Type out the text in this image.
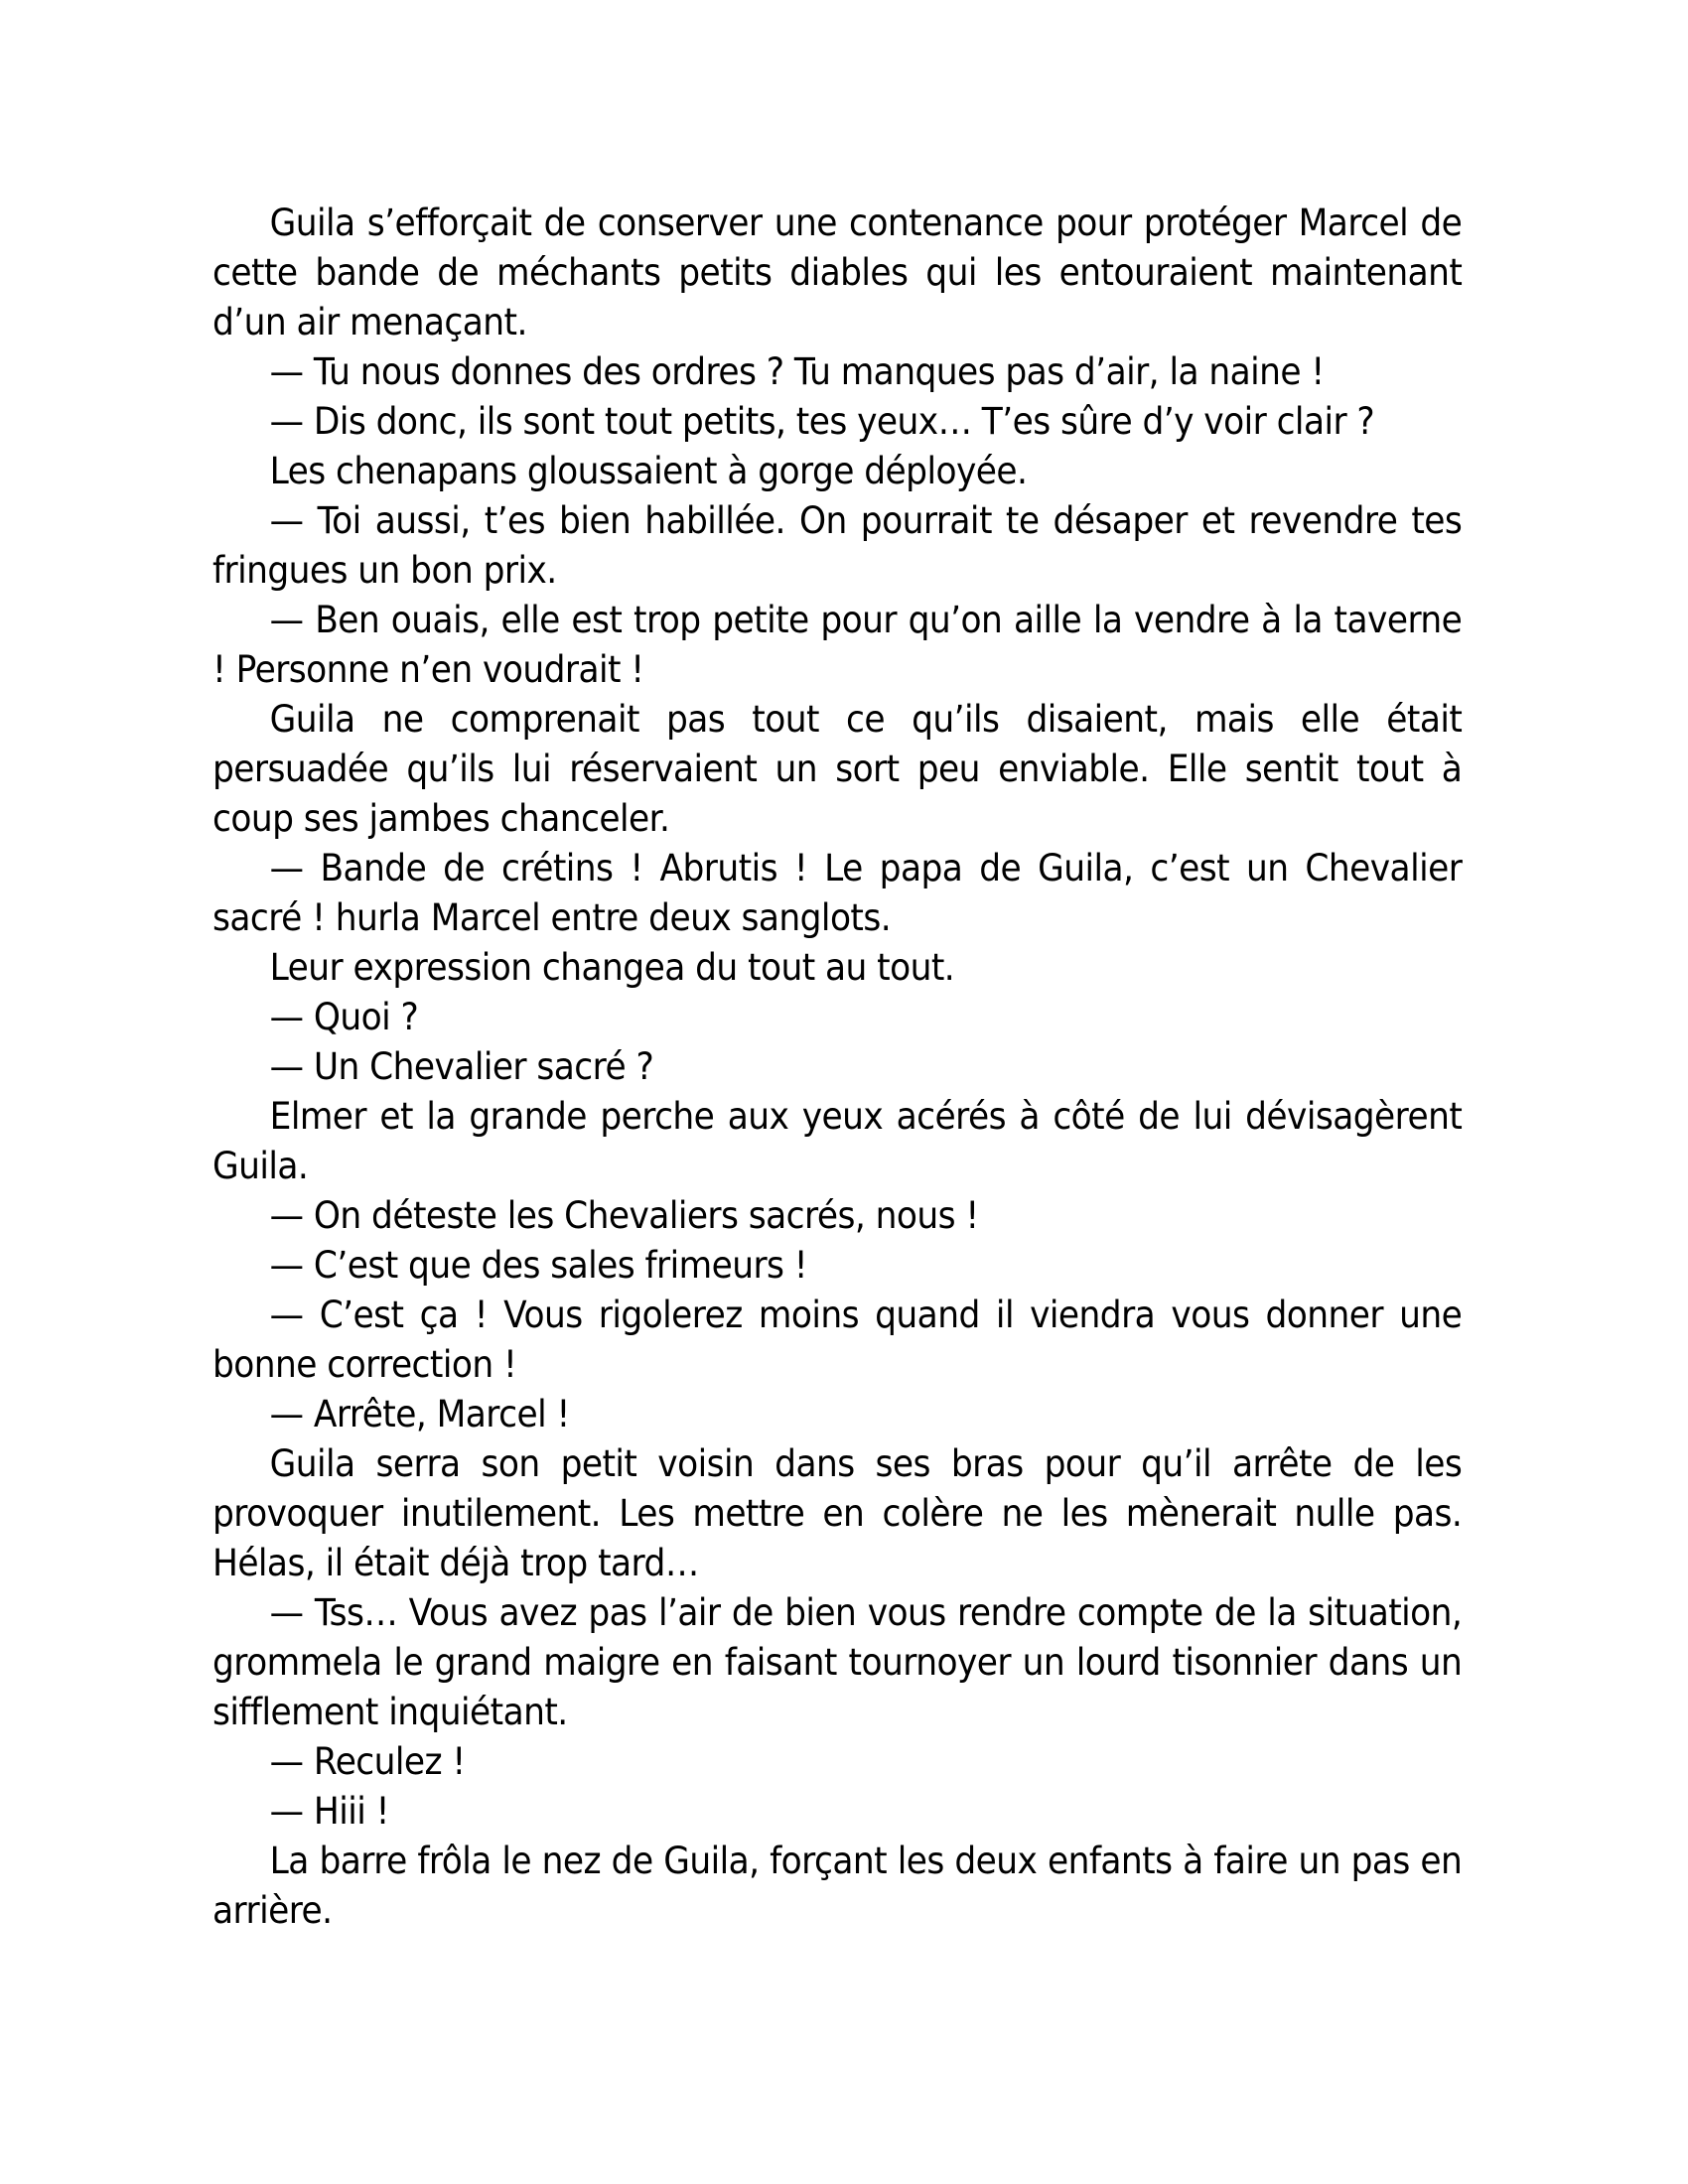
Guila s’efforçait de conserver une contenance pour protéger Marcel de cette bande de méchants petits diables qui les entouraient maintenant d’un air menaçant.

— Tu nous donnes des ordres ? Tu manques pas d’air, la naine !

— Dis donc, ils sont tout petits, tes yeux… T’es sûre d’y voir clair ?

Les chenapans gloussaient à gorge déployée.

— Toi aussi, t’es bien habillée. On pourrait te désaper et revendre tes fringues un bon prix.

— Ben ouais, elle est trop petite pour qu’on aille la vendre à la taverne ! Personne n’en voudrait !

Guila ne comprenait pas tout ce qu’ils disaient, mais elle était persuadée qu’ils lui réservaient un sort peu enviable. Elle sentit tout à coup ses jambes chanceler.

— Bande de crétins ! Abrutis ! Le papa de Guila, c’est un Chevalier sacré ! hurla Marcel entre deux sanglots.

Leur expression changea du tout au tout.

— Quoi ?

— Un Chevalier sacré ?

Elmer et la grande perche aux yeux acérés à côté de lui dévisagèrent Guila.

— On déteste les Chevaliers sacrés, nous !

— C’est que des sales frimeurs !

— C’est ça ! Vous rigolerez moins quand il viendra vous donner une bonne correction !

— Arrête, Marcel !

Guila serra son petit voisin dans ses bras pour qu’il arrête de les provoquer inutilement. Les mettre en colère ne les mènerait nulle pas. Hélas, il était déjà trop tard…

— Tss… Vous avez pas l’air de bien vous rendre compte de la situation, grommela le grand maigre en faisant tournoyer un lourd tisonnier dans un sifflement inquiétant.

— Reculez !

— Hiii !

La barre frôla le nez de Guila, forçant les deux enfants à faire un pas en arrière.
